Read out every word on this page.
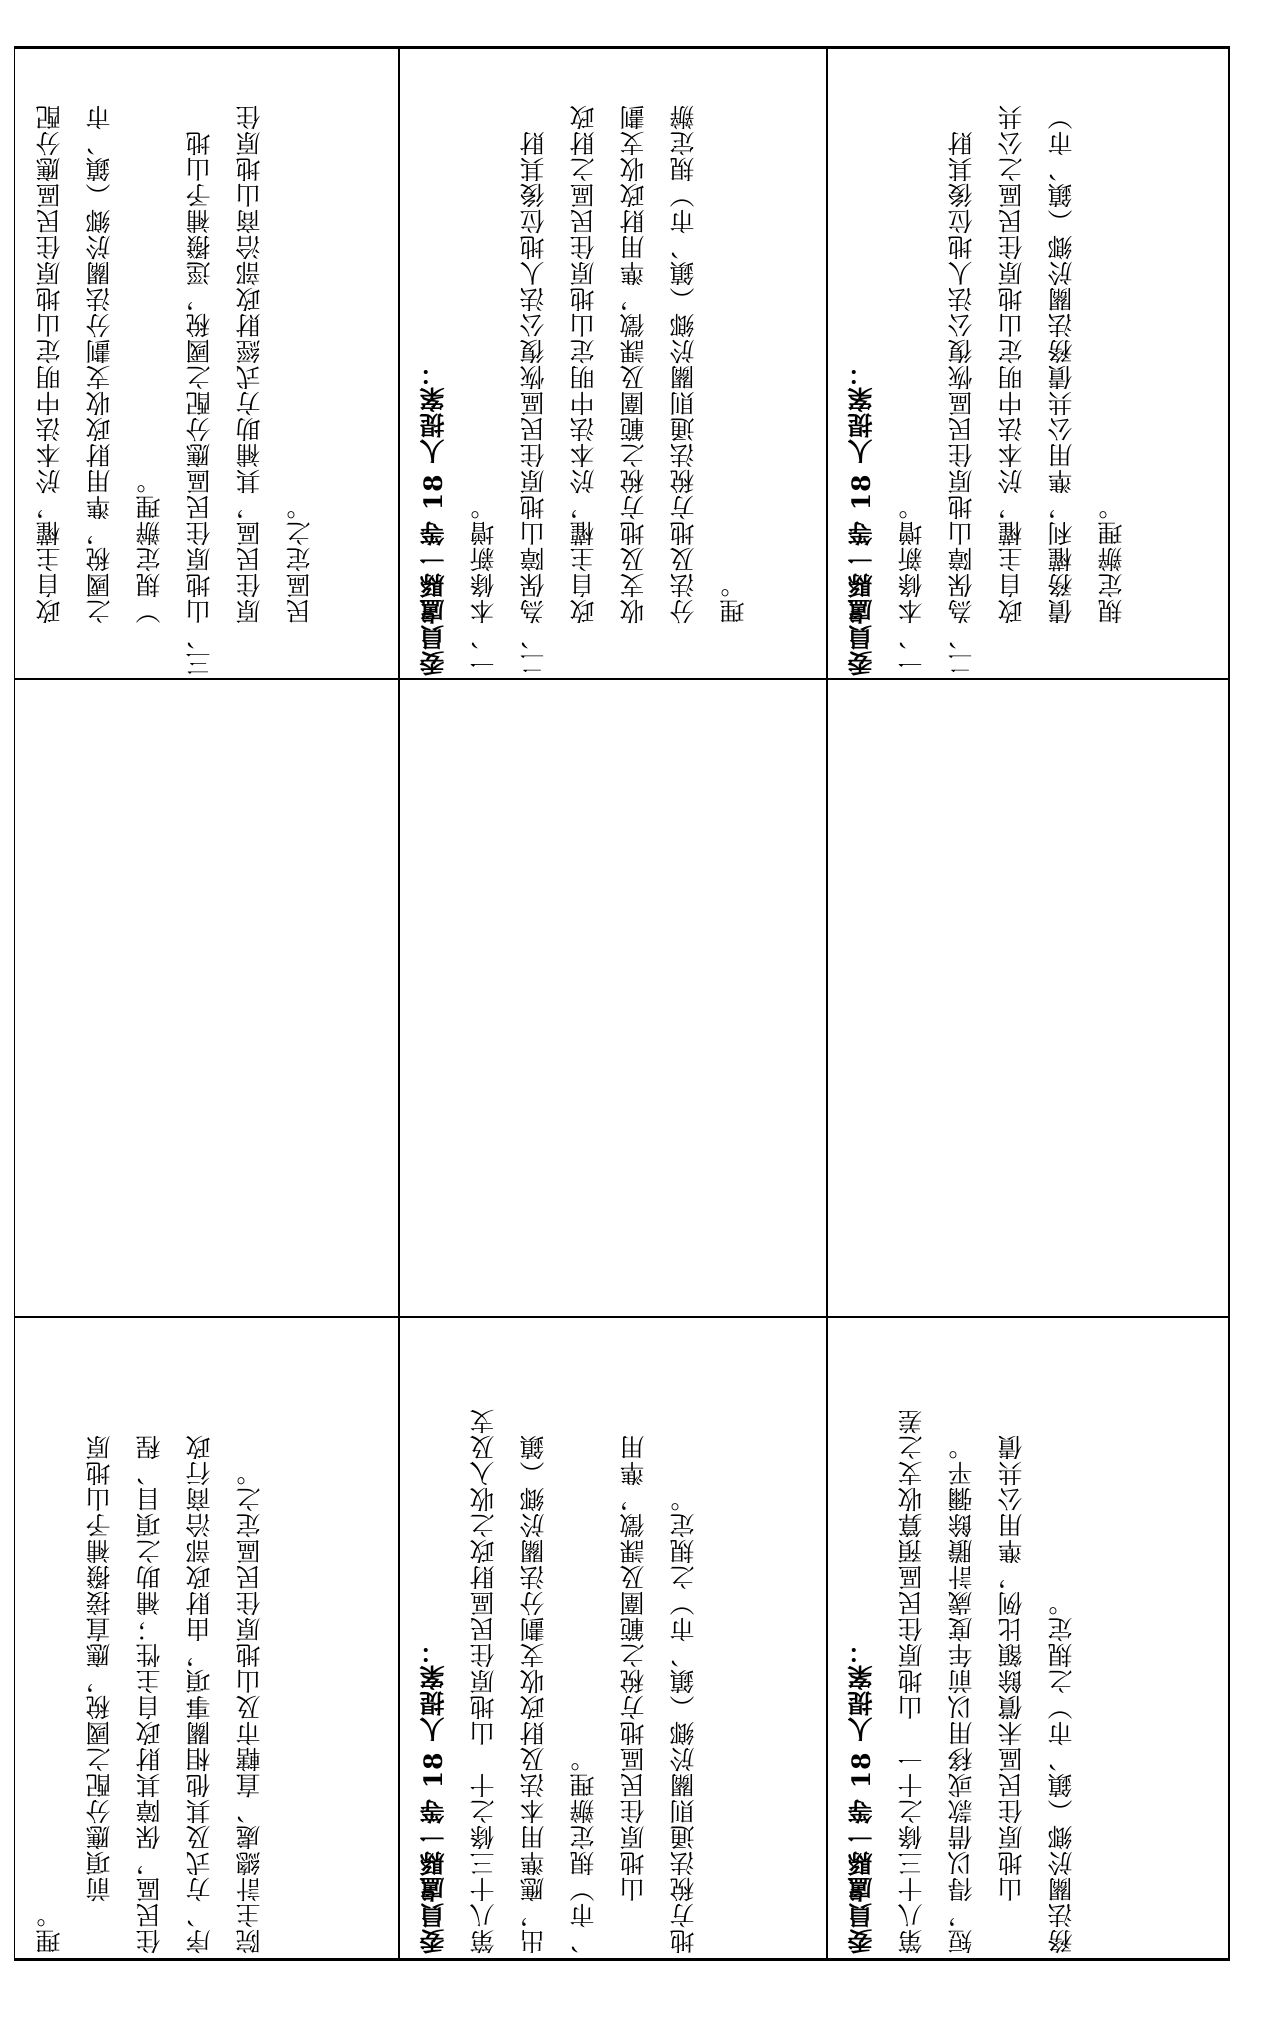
理。 　　前項應分配之國稅，應直接撥補予山地原 住民區，保障其財政自主性；補助之項目、程 序、方式及其他相關事項，由財政部洽商行政 院主計總處、直轄市及山地原住民區定之。
　　政自主權，於本法中明定山地原住民區應分配 　　之國稅，準用財政收支劃分法關於鄉（鎮、市 　　）規定辦理。 三、山地原住民區應分配之國稅，逕撥補予山地 　　原住民區，其補助方式經財政部洽商山地原住 　　民區定之。
委員盧縣一等 18 人提案： 第八十三條之十　山地原住民區財政之收入及支 出，應準用本法及財政收支劃分法關於鄉（鎮 、市）規定辦理。 　　山地原住民區地方稅之範圍及課徵，準用 地方稅法通則關於鄉（鎮、市）之規定。
委員盧縣一等 18 人提案： 一、本條新增。 二、為保障山地原住民區恢復公法人地位後其財 　　政自主權，於本法中明定山地原住民區之財政 　　收支及地方稅之範圍及課徵，準用財政收支劃 　　分法及地方稅法通則關於鄉（鎮、市）規定辦 　　理。
委員盧縣一等 18 人提案： 第八十三條之十一　山地原住民區預算收支之差 短，得以借款或移用以前年度歲計賸餘彌平。 　　山地原住民區未償餘額比例，準用公共債 務法關於鄉（鎮、市）之規定。
委員盧縣一等 18 人提案： 一、本條新增。 二、為保障山地原住民區恢復公法人地位後其財 　　政自主權，於本法中明定山地原住民區之公共 　　債務權利，準用公共債務法關於鄉（鎮、市） 　　規定辦理。
